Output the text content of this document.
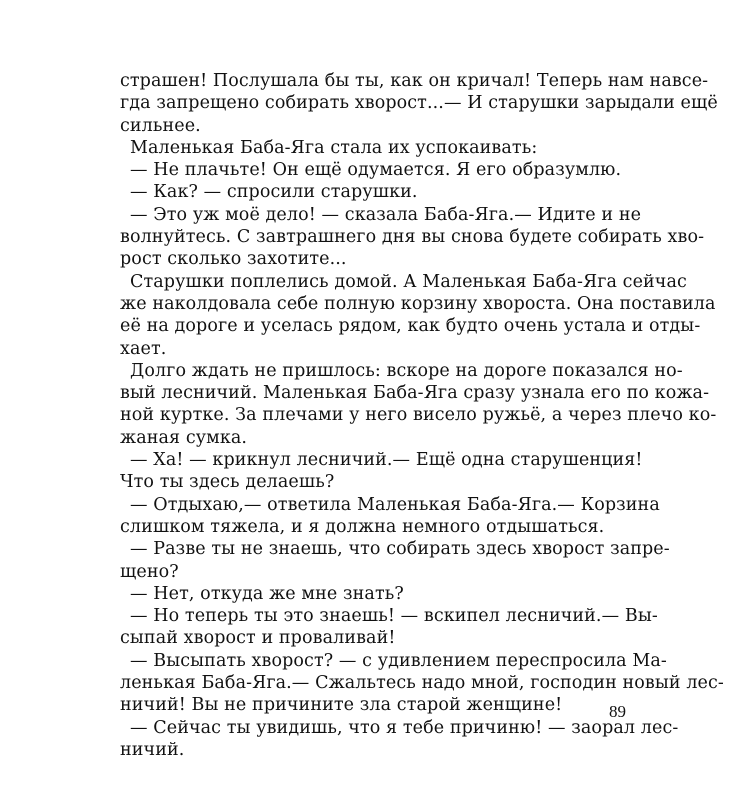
страшен! Послушала бы ты, как он кричал! Теперь нам навсе-
гда запрещено собирать хворост...— И старушки зарыдали ещё
сильнее.
Маленькая Баба-Яга стала их успокаивать:
— Не плачьте! Он ещё одумается. Я его образумлю.
— Как? — спросили старушки.
— Это уж моё дело! — сказала Баба-Яга.— Идите и не
волнуйтесь. С завтрашнего дня вы снова будете собирать хво-
рост сколько захотите...
Старушки поплелись домой. А Маленькая Баба-Яга сейчас
же наколдовала себе полную корзину хвороста. Она поставила
её на дороге и уселась рядом, как будто очень устала и отды-
хает.
Долго ждать не пришлось: вскоре на дороге показался но-
вый лесничий. Маленькая Баба-Яга сразу узнала его по кожа-
ной куртке. За плечами у него висело ружьё, а через плечо ко-
жаная сумка.
— Ха! — крикнул лесничий.— Ещё одна старушенция!
Что ты здесь делаешь?
— Отдыхаю,— ответила Маленькая Баба-Яга.— Корзина
слишком тяжела, и я должна немного отдышаться.
— Разве ты не знаешь, что собирать здесь хворост запре-
щено?
— Нет, откуда же мне знать?
— Но теперь ты это знаешь! — вскипел лесничий.— Вы-
сыпай хворост и проваливай!
— Высыпать хворост? — с удивлением переспросила Ма-
ленькая Баба-Яга.— Сжальтесь надо мной, господин новый лес-
ничий! Вы не причините зла старой женщине!
— Сейчас ты увидишь, что я тебе причиню! — заорал лес-
ничий.
89
